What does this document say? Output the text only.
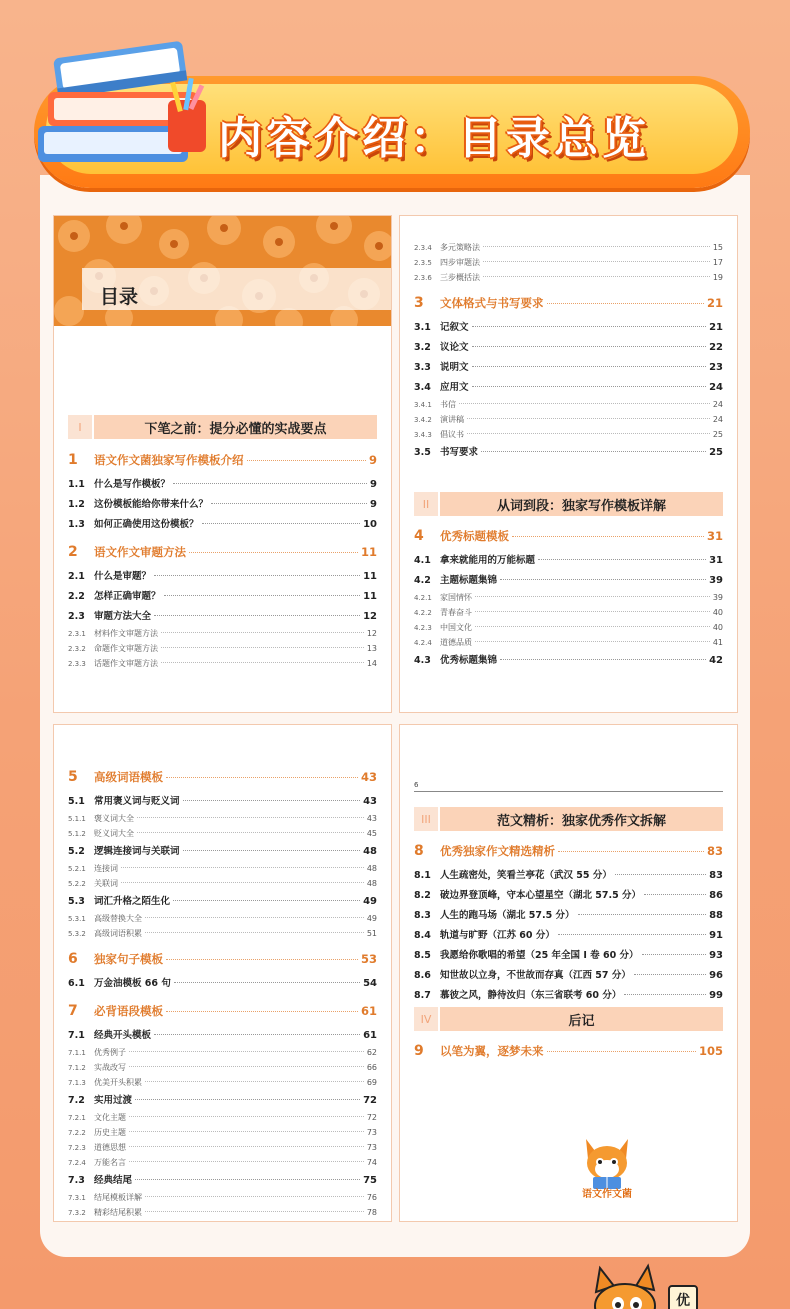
内容介绍：目录总览
目录
I	下笔之前：提分必懂的实战要点
1	语文作文菌独家写作模板介绍	9
1.1 什么是写作模板？	9
1.2 这份模板能给你带来什么？	9
1.3 如何正确使用这份模板？	10
2	语文作文审题方法	11
2.1 什么是审题？	11
2.2 怎样正确审题？	11
2.3 审题方法大全	12
2.3.1	材料作文审题方法	12
2.3.2	命题作文审题方法	13
2.3.3	话题作文审题方法	14
2.3.4	多元策略法	15
2.3.5	四步审题法	17
2.3.6	三步概括法	19
3	文体格式与书写要求	21
3.1 记叙文	21
3.2 议论文	22
3.3 说明文	23
3.4 应用文	24
3.4.1	书信	24
3.4.2	演讲稿	24
3.4.3	倡议书	25
3.5 书写要求	25
II	从词到段：独家写作模板详解
4	优秀标题模板	31
4.1 拿来就能用的万能标题	31
4.2 主题标题集锦	39
4.2.1	家国情怀	39
4.2.2	青春奋斗	40
4.2.3	中国文化	40
4.2.4	道德品质	41
4.3 优秀标题集锦	42
5	高级词语模板	43
5.1 常用褒义词与贬义词	43
5.1.1	褒义词大全	43
5.1.2	贬义词大全	45
5.2 逻辑连接词与关联词	48
5.2.1	连接词	48
5.2.2	关联词	48
5.3 词汇升格之陌生化	49
5.3.1	高级替换大全	49
5.3.2	高级词语积累	51
6	独家句子模板	53
6.1 万金油模板 66 句	54
7	必背语段模板	61
7.1 经典开头模板	61
7.1.1	优秀例子	62
7.1.2	实战改写	66
7.1.3	优美开头积累	69
7.2 实用过渡	72
7.2.1	文化主题	72
7.2.2	历史主题	73
7.2.3	道德思想	73
7.2.4	万能名言	74
7.3 经典结尾	75
7.3.1	结尾模板详解	76
7.3.2	精彩结尾积累	78
6
III	范文精析：独家优秀作文拆解
8	优秀独家作文精选精析	83
8.1 人生疏密处，笑看兰亭花（武汉 55 分）	83
8.2 破边界登顶峰，守本心望星空（湖北 57.5 分）	86
8.3 人生的跑马场（湖北 57.5 分）	88
8.4 轨道与旷野（江苏 60 分）	91
8.5 我愿给你歌唱的希望（25 年全国 I 卷 60 分）	93
8.6 知世故以立身，不世故而存真（江西 57 分）	96
8.7 慕彼之风，静待汝归（东三省联考 60 分）	99
IV	后记
9	以笔为翼，逐梦未来	105
语文作文菌
优
